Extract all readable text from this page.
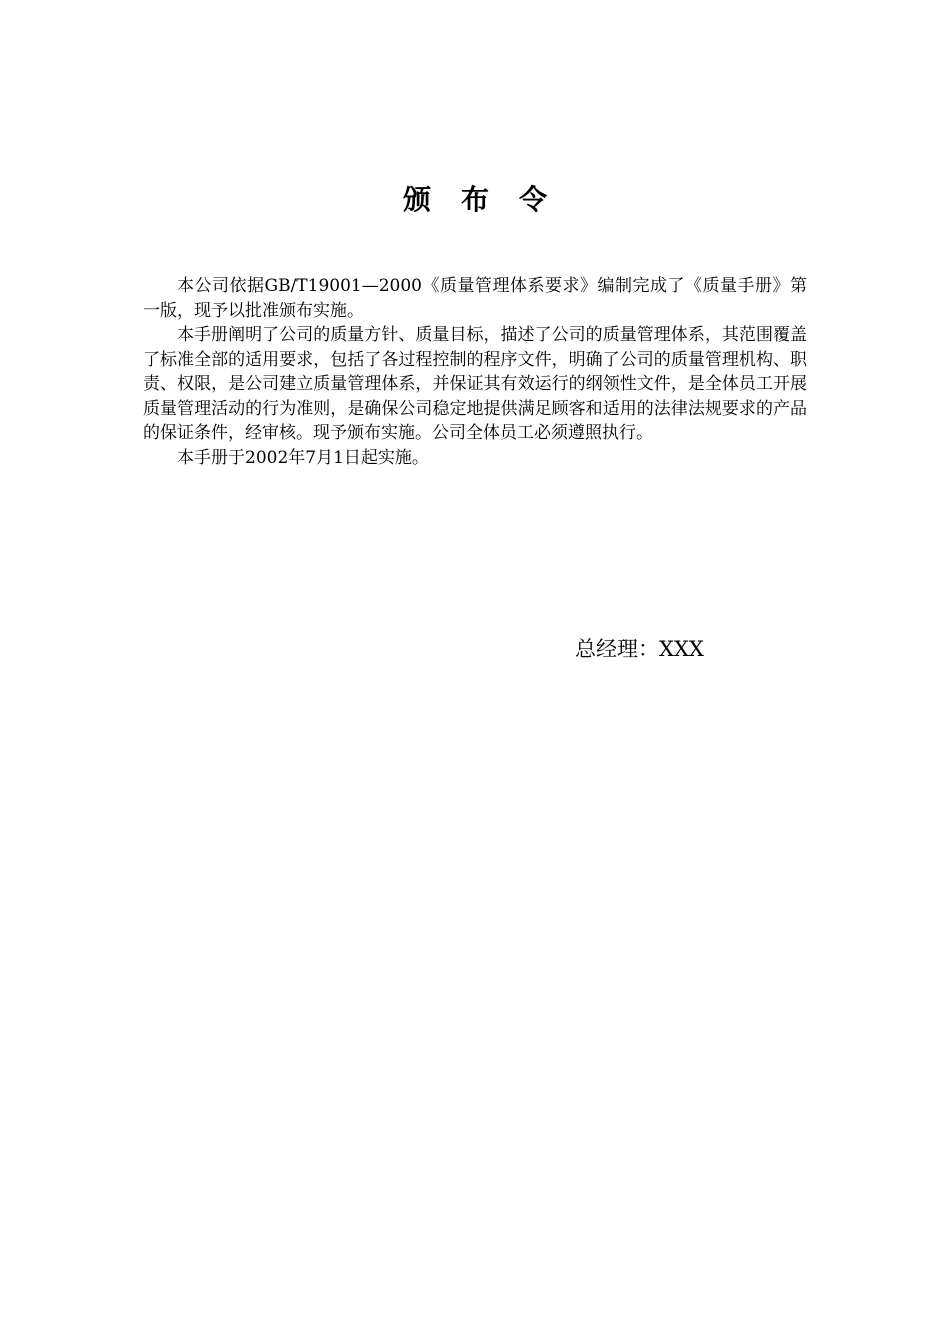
颁布令

本公司依据GB/T19001—2000《质量管理体系要求》编制完成了《质量手册》第一版，现予以批准颁布实施。

本手册阐明了公司的质量方针、质量目标，描述了公司的质量管理体系，其范围覆盖了标准全部的适用要求，包括了各过程控制的程序文件，明确了公司的质量管理机构、职责、权限，是公司建立质量管理体系，并保证其有效运行的纲领性文件，是全体员工开展质量管理活动的行为准则，是确保公司稳定地提供满足顾客和适用的法律法规要求的产品的保证条件，经审核。现予颁布实施。公司全体员工必须遵照执行。

本手册于2002年7月1日起实施。

总经理：XXX
